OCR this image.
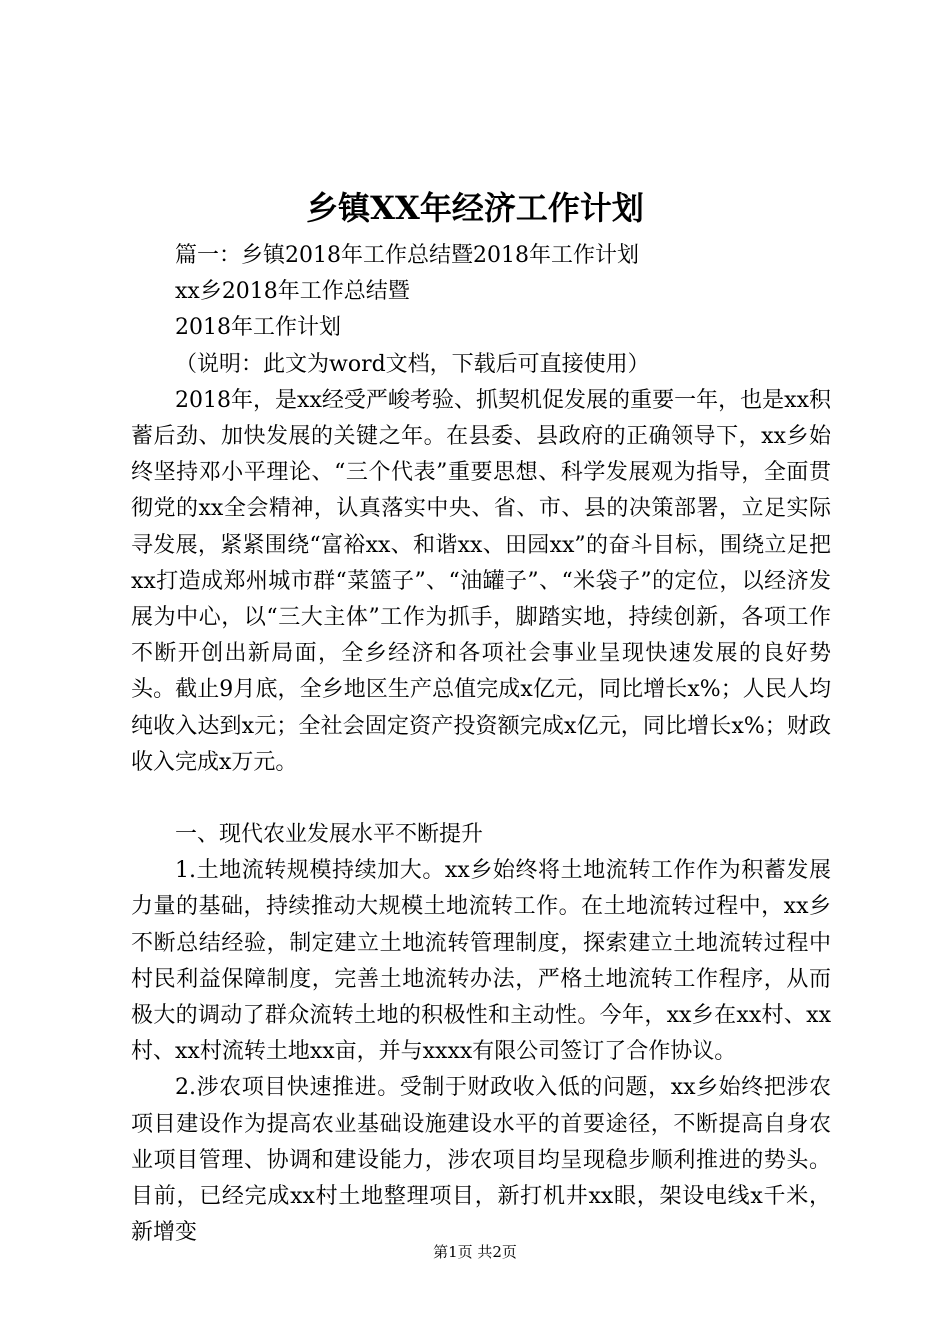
乡镇XX年经济工作计划

篇一：乡镇2018年工作总结暨2018年工作计划

xx乡2018年工作总结暨

2018年工作计划

（说明：此文为word文档，下载后可直接使用）

2018年，是xx经受严峻考验、抓契机促发展的重要一年，也是xx积蓄后劲、加快发展的关键之年。在县委、县政府的正确领导下，xx乡始终坚持邓小平理论、“三个代表”重要思想、科学发展观为指导，全面贯彻党的xx全会精神，认真落实中央、省、市、县的决策部署，立足实际寻发展，紧紧围绕“富裕xx、和谐xx、田园xx”的奋斗目标，围绕立足把xx打造成郑州城市群“菜篮子”、“油罐子”、“米袋子”的定位，以经济发展为中心，以“三大主体”工作为抓手，脚踏实地，持续创新，各项工作不断开创出新局面，全乡经济和各项社会事业呈现快速发展的良好势头。截止9月底，全乡地区生产总值完成x亿元，同比增长x%；人民人均纯收入达到x元；全社会固定资产投资额完成x亿元，同比增长x%；财政收入完成x万元。

一、现代农业发展水平不断提升

1.土地流转规模持续加大。xx乡始终将土地流转工作作为积蓄发展力量的基础，持续推动大规模土地流转工作。在土地流转过程中，xx乡不断总结经验，制定建立土地流转管理制度，探索建立土地流转过程中村民利益保障制度，完善土地流转办法，严格土地流转工作程序，从而极大的调动了群众流转土地的积极性和主动性。今年，xx乡在xx村、xx村、xx村流转土地xx亩，并与xxxx有限公司签订了合作协议。

2.涉农项目快速推进。受制于财政收入低的问题，xx乡始终把涉农项目建设作为提高农业基础设施建设水平的首要途径，不断提高自身农业项目管理、协调和建设能力，涉农项目均呈现稳步顺利推进的势头。目前，已经完成xx村土地整理项目，新打机井xx眼，架设电线x千米，新增变

第1页 共2页
